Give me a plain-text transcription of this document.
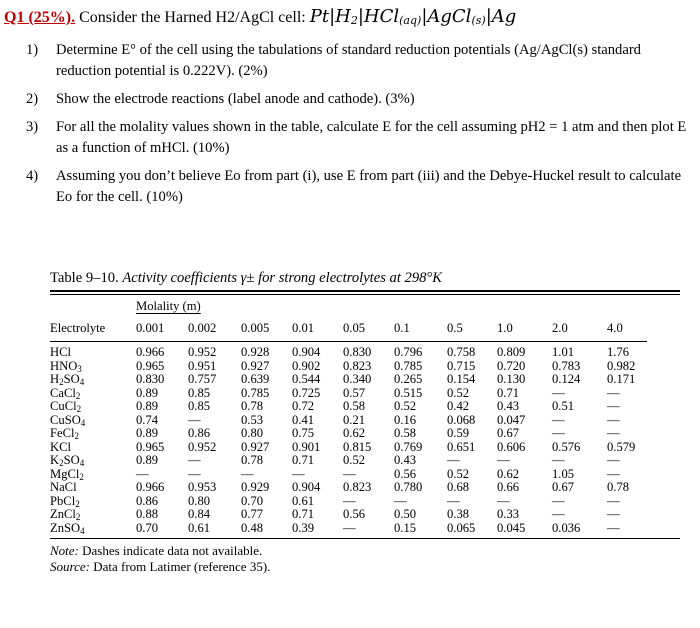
Q1 (25%). Consider the Harned H2/AgCl cell: $Pt|H_2|HCl_{(aq)}|AgCl_{(s)}|Ag$
1)	Determine E° of the cell using the tabulations of standard reduction potentials (Ag/AgCl(s) standard reduction potential is 0.222V). (2%)
2)	Show the electrode reactions (label anode and cathode). (3%)
3)	For all the molality values shown in the table, calculate E for the cell assuming pH2 = 1 atm and then plot E as a function of mHCl. (10%)
4)	Assuming you don’t believe Eo from part (i), use E from part (iii) and the Debye-Huckel result to calculate Eo for the cell. (10%)
Table 9–10. Activity coefficients γ± for strong electrolytes at 298°K
	Molality (m)									
Electrolyte	0.001	0.002	0.005	0.01	0.05	0.1	0.5	1.0	2.0	4.0
HCl	0.966	0.952	0.928	0.904	0.830	0.796	0.758	0.809	1.01	1.76
$HNO_3$	0.965	0.951	0.927	0.902	0.823	0.785	0.715	0.720	0.783	0.982
$H_2SO_4$	0.830	0.757	0.639	0.544	0.340	0.265	0.154	0.130	0.124	0.171
CaCl$_2$	0.89	0.85	0.785	0.725	0.57	0.515	0.52	0.71	—	—
CuCl$_2$	0.89	0.85	0.78	0.72	0.58	0.52	0.42	0.43	0.51	—
CuSO$_4$	0.74	—	0.53	0.41	0.21	0.16	0.068	0.047	—	—
FeCl$_2$	0.89	0.86	0.80	0.75	0.62	0.58	0.59	0.67	—	—
KCl	0.965	0.952	0.927	0.901	0.815	0.769	0.651	0.606	0.576	0.579
$K_2SO_4$	0.89	—	0.78	0.71	0.52	0.43	—	—	—	—
MgCl$_2$	—	—	—	—	—	0.56	0.52	0.62	1.05	—
NaCl	0.966	0.953	0.929	0.904	0.823	0.780	0.68	0.66	0.67	0.78
PbCl$_2$	0.86	0.80	0.70	0.61	—	—	—	—	—	—
ZnCl$_2$	0.88	0.84	0.77	0.71	0.56	0.50	0.38	0.33	—	—
ZnSO$_4$	0.70	0.61	0.48	0.39	—	0.15	0.065	0.045	0.036	—
Note: Dashes indicate data not available.
Source: Data from Latimer (reference 35).
